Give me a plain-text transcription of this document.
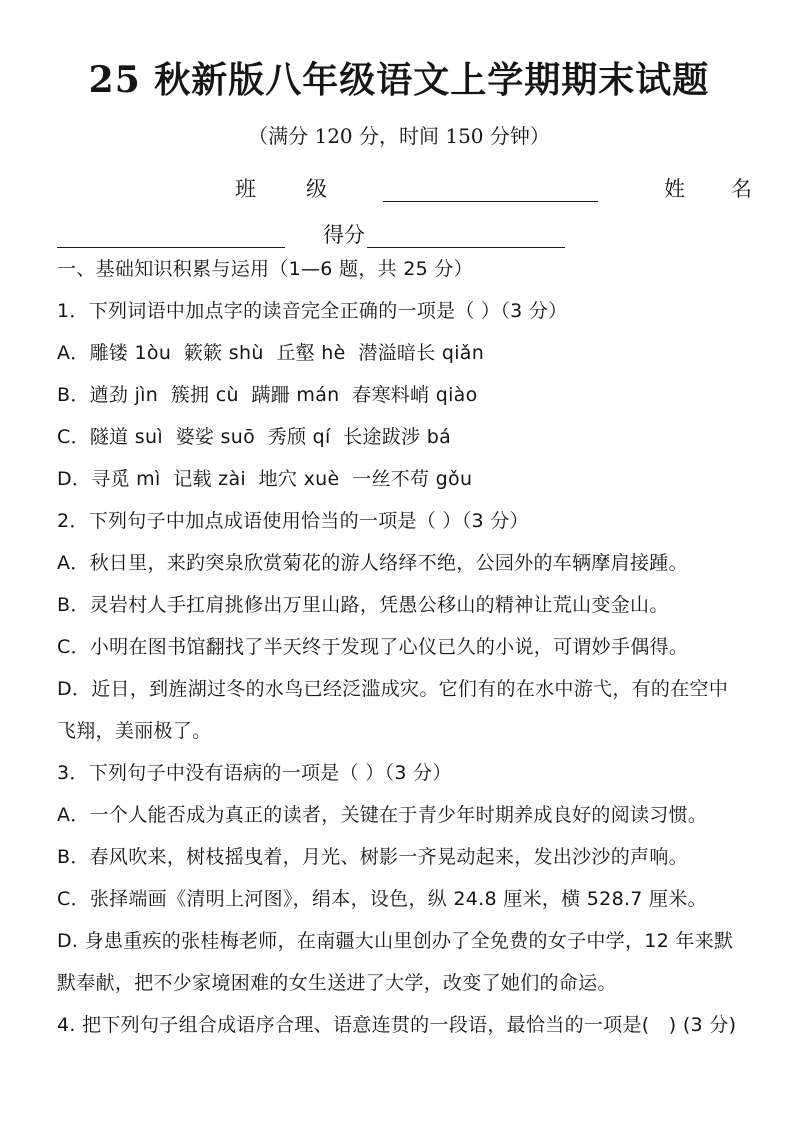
25 秋新版八年级语文上学期期末试题
（满分 120 分，时间 150 分钟）
班 级	姓 名
得分

一、基础知识积累与运用（1—6 题，共 25 分）

1．下列词语中加点字的读音完全正确的一项是（ ）（3 分）

A．雕镂 1òu  簌簌 shù  丘壑 hè  潜溢暗长 qiǎn

B．遒劲 jìn  簇拥 cù  蹒跚 mán  春寒料峭 qiào

C．隧道 suì  婆娑 suō  秀颀 qí  长途跋涉 bá

D．寻觅 mì  记载 zài  地穴 xuè  一丝不苟 gǒu

2．下列句子中加点成语使用恰当的一项是（ ）（3 分）

A．秋日里，来趵突泉欣赏菊花的游人络绎不绝，公园外的车辆摩肩接踵。

B．灵岩村人手扛肩挑修出万里山路，凭愚公移山的精神让荒山变金山。

C．小明在图书馆翻找了半天终于发现了心仪已久的小说，可谓妙手偶得。

D．近日，到旌湖过冬的水鸟已经泛滥成灾。它们有的在水中游弋，有的在空中飞翔，美丽极了。

3．下列句子中没有语病的一项是（ ）（3 分）

A．一个人能否成为真正的读者，关键在于青少年时期养成良好的阅读习惯。

B．春风吹来，树枝摇曳着，月光、树影一齐晃动起来，发出沙沙的声响。

C．张择端画《清明上河图》，绢本，设色，纵 24.8 厘米，横 528.7 厘米。

D. 身患重疾的张桂梅老师，在南疆大山里创办了全免费的女子中学，12 年来默默奉献，把不少家境困难的女生送进了大学，改变了她们的命运。

4. 把下列句子组合成语序合理、语意连贯的一段语，最恰当的一项是(　) (3 分)
